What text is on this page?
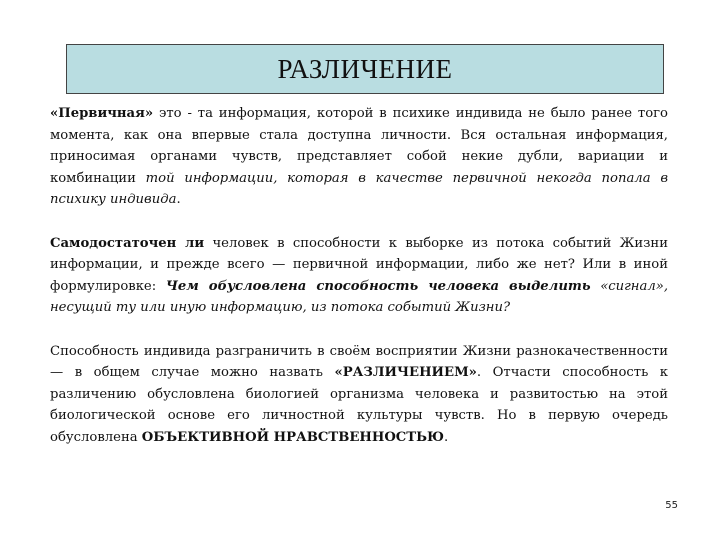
РАЗЛИЧЕНИЕ

«Первичная» это - та информация, которой в психике индивида не было ранее того момента, как она впервые стала доступна личности. Вся остальная информация, приносимая органами чувств, представляет собой некие дубли, вариации и комбинации той информации, которая в качестве первичной некогда попала в психику индивида.

Самодостаточен ли человек в способности к выборке из потока событий Жизни информации, и прежде всего — первичной информации, либо же нет? Или в иной формулировке: Чем обусловлена способность человека выделить «сигнал», несущий ту или иную информацию, из потока событий Жизни?

Способность индивида разграничить в своём восприятии Жизни разнокачественности — в общем случае можно назвать «РАЗЛИЧЕНИЕМ». Отчасти способность к различению обусловлена биологией организма человека и развитостью на этой биологической основе его личностной культуры чувств. Но в первую очередь обусловлена ОБЪЕКТИВНОЙ НРАВСТВЕННОСТЬЮ.

55
